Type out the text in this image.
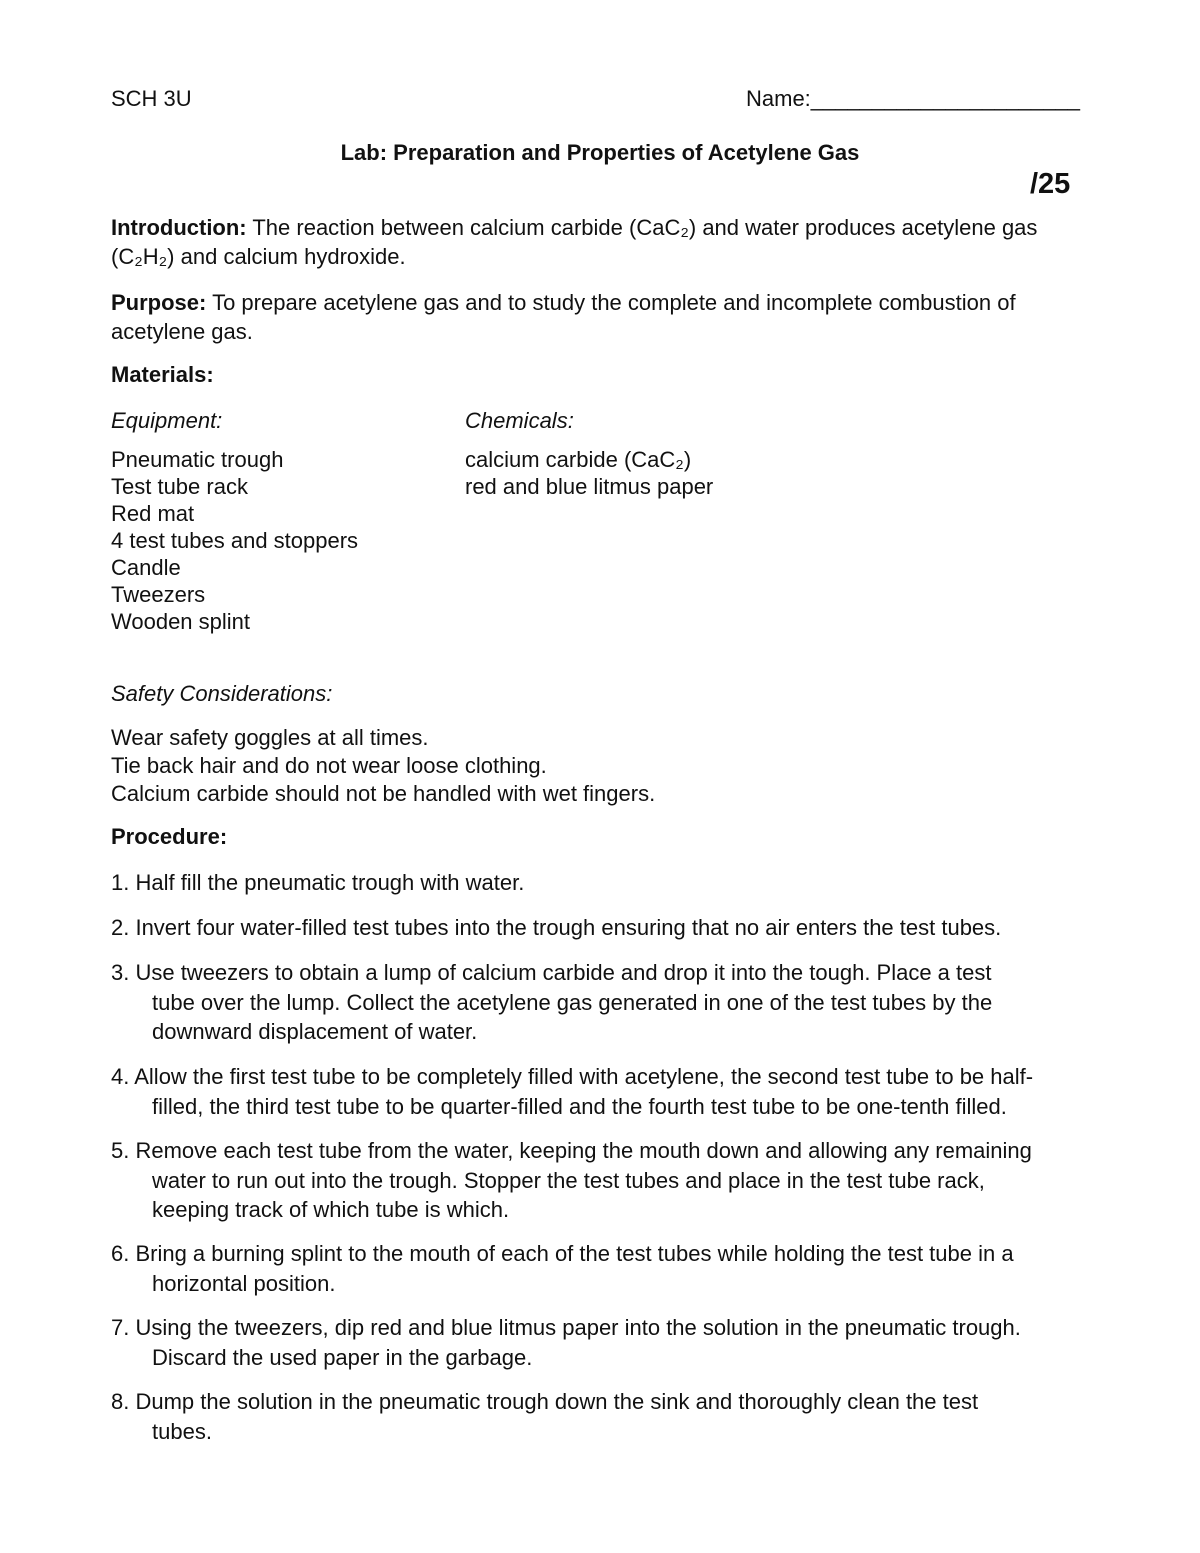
SCH 3U	Name:______________________
Lab: Preparation and Properties of Acetylene Gas
/25
Introduction: The reaction between calcium carbide (CaC₂) and water produces acetylene gas
(C₂H₂) and calcium hydroxide.
Purpose: To prepare acetylene gas and to study the complete and incomplete combustion of
acetylene gas.
Materials:
Equipment:	Chemicals:
Pneumatic trough
Test tube rack
Red mat
4 test tubes and stoppers
Candle
Tweezers
Wooden splint
calcium carbide (CaC₂)
red and blue litmus paper
Safety Considerations:
Wear safety goggles at all times.
Tie back hair and do not wear loose clothing.
Calcium carbide should not be handled with wet fingers.
Procedure:
1. Half fill the pneumatic trough with water.
2. Invert four water-filled test tubes into the trough ensuring that no air enters the test tubes.
3. Use tweezers to obtain a lump of calcium carbide and drop it into the tough. Place a test
tube over the lump. Collect the acetylene gas generated in one of the test tubes by the
downward displacement of water.
4. Allow the first test tube to be completely filled with acetylene, the second test tube to be half-
filled, the third test tube to be quarter-filled and the fourth test tube to be one-tenth filled.
5. Remove each test tube from the water, keeping the mouth down and allowing any remaining
water to run out into the trough. Stopper the test tubes and place in the test tube rack,
keeping track of which tube is which.
6. Bring a burning splint to the mouth of each of the test tubes while holding the test tube in a
horizontal position.
7. Using the tweezers, dip red and blue litmus paper into the solution in the pneumatic trough.
Discard the used paper in the garbage.
8. Dump the solution in the pneumatic trough down the sink and thoroughly clean the test
tubes.
